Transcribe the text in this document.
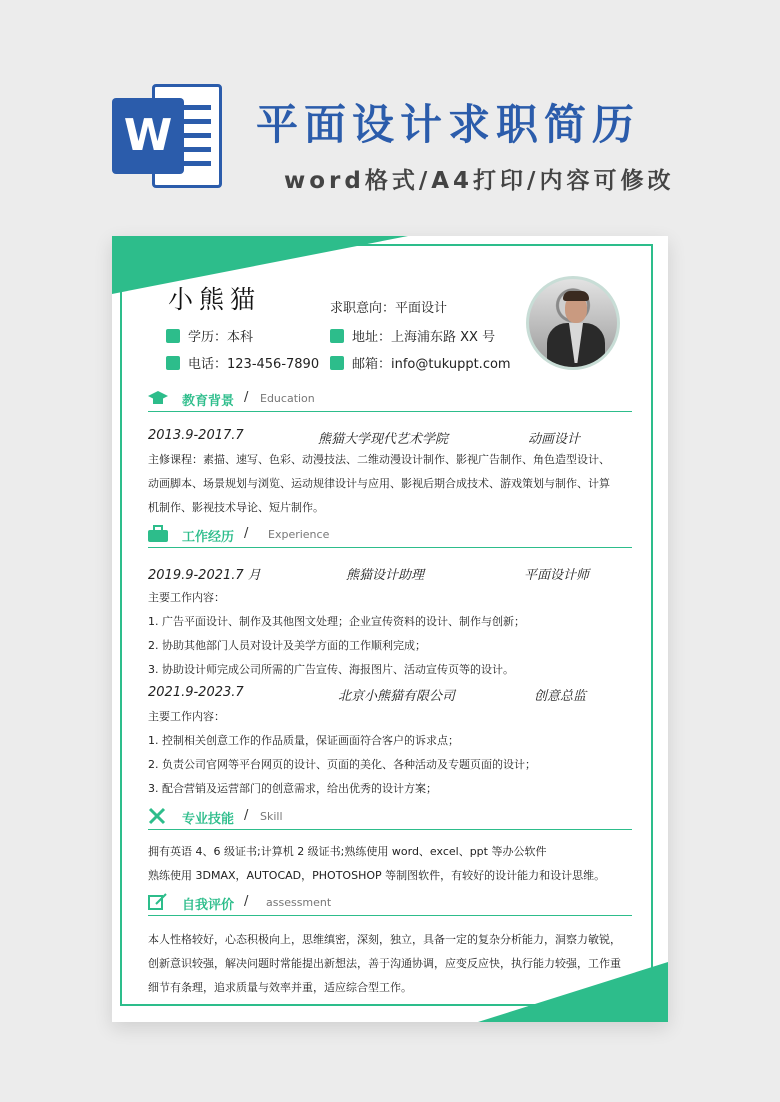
W 平面设计求职简历
word格式/A4打印/内容可修改
小熊猫	求职意向：平面设计
学历：本科	地址：上海浦东路 XX 号
电话：123-456-7890	邮箱：info@tukuppt.com
教育背景 / Education
2013.9-2017.7	熊猫大学现代艺术学院	动画设计

主修课程：素描、速写、色彩、动漫技法、二维动漫设计制作、影视广告制作、角色造型设计、

动画脚本、场景规划与浏览、运动规律设计与应用、影视后期合成技术、游戏策划与制作、计算

机制作、影视技术导论、短片制作。

工作经历 / Experience
2019.9-2021.7 月	熊猫设计助理	平面设计师

主要工作内容：

1. 广告平面设计、制作及其他图文处理；企业宣传资料的设计、制作与创新；

2. 协助其他部门人员对设计及美学方面的工作顺利完成；

3. 协助设计师完成公司所需的广告宣传、海报图片、活动宣传页等的设计。

2021.9-2023.7	北京小熊猫有限公司	创意总监

主要工作内容：

1. 控制相关创意工作的作品质量，保证画面符合客户的诉求点；

2. 负责公司官网等平台网页的设计、页面的美化、各种活动及专题页面的设计；

3. 配合营销及运营部门的创意需求，给出优秀的设计方案；

专业技能 / Skill

拥有英语 4、6 级证书;计算机 2 级证书;熟练使用 word、excel、ppt 等办公软件

熟练使用 3DMAX，AUTOCAD，PHOTOSHOP 等制图软件，有较好的设计能力和设计思维。

自我评价 / assessment

本人性格较好，心态积极向上，思维缜密，深刻，独立，具备一定的复杂分析能力，洞察力敏锐，

创新意识较强，解决问题时常能提出新想法，善于沟通协调，应变反应快，执行能力较强，工作重

细节有条理，追求质量与效率并重，适应综合型工作。
